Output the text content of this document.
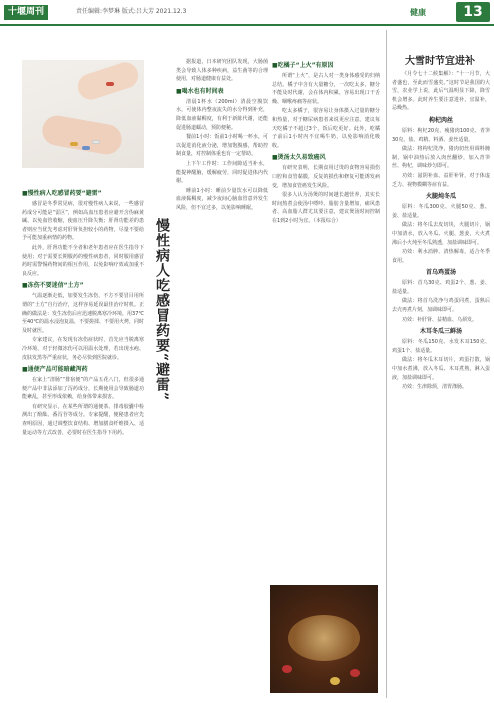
十堰周刊	责任编辑:李梦琳 版式:吕大芳 2021.12.3	健康	13
慢性病人吃感冒药要“避雷”
■慢性病人吃感冒药要“避雷”

感冒是冬季常见病，很对慢性病人来说，一些感冒药成分可能是“雷区”，例如高血压患者应避开含伪麻黄碱、以免血管收缩，使血压升降失衡；肝肾功能差的患者则应当优先考虑对肝肾负担较小的药物，尽量不要给予可能加重病情的药物。

此外，肝肾功能不全者和老年患者应在医生指导下使用；对于需要长期服药的慢性病患者，同时服用感冒药时需警惕药物间的相互作用，以免影响疗效或加重不良反应。

■冻伤不要迷信“土方”

气温逐渐走低，加要发生冻伤，不方不要冒目用所谓的“土方”自行治疗，这样容易延误最佳治疗时机。正确的做法是：发生冻伤后应迅速脱离寒冷环境，用37℃至40℃的温水浸泡复温，不要搓揉、不要用火烤，同时及时就医。

专家建议，在发现有冻伤症状时，首先应当脱离寒冷环境，对于轻微冻伤可以用温水处理，若出现水疱、皮肤发黑等严重症状，务必尽快到医院就诊。

■通便产品可能暗藏泻药

在家上“清肠”“排宿便”的产品五花八门，但很多通便产品中非法添加了泻药成分，长期使用会导致肠道功能紊乱，甚至形成依赖，给身体带来损害。

有研究显示，在某些所谓的通便茶、排毒胶囊中检测出了酚酞、番泻苷等成分。专家提醒，便秘患者应先查明原因，通过调整饮食结构、增加膳食纤维摄入、适量运动等方式改善，必要时在医生指导下用药。

据报道，日本研究团队发现，大肠菌类会导致人体多种疾病，益生菌等的合理使用，对肠道健康有益处。

■喝水也有时间表

清晨1杯水（200ml）清晨空腹饮水，可使体内整夜流失的水分得到补充，降低血液黏稠度，有利于新陈代谢，还能促进肠道蠕动，预防便秘。

餐前1小时：饭前1小时喝一杯水，可以促进消化液分泌，增加饱腹感，帮助控制食量，对控制体重也有一定帮助。

上下午工作时：工作间隙适当补水，能提神醒脑，缓解疲劳，同时促进体内代谢。

睡前1小时：睡前少量饮水可以降低血液黏稠度，减少夜间心脑血管意外发生风险，但不宜过多，以免影响睡眠。

■吃橘子“上火”有原因

所谓“上火”，是古人对一类身体感受的归纳总结。橘子中含有大量糖分，一次吃太多，糖分不能及时代谢，会在体内积累，容易出现口干舌燥、咽喉疼痛等症状。

吃太多橘子，很容易让身体摄入过量的糖分和热量，对于糖尿病患者来说更应注意。建议每天吃橘子不超过3个，饭后吃更好。此外，吃橘子前后1小时内不宜喝牛奶，以免影响消化吸收。

■烫汤太久易致癌风

有研究表明，长期食用过烫的食物容易损伤口腔和食管黏膜，反复的损伤和修复可能诱发病变，增加食管癌发生风险。

很多人认为汤煲的时间越长越营养，其实长时间熬煮会使汤中嘌呤、脂肪含量增加，痛风患者、高血脂人群尤其要注意，建议煲汤时间控制在1到2小时为宜。（本报综合）

大雪时节宜进补

《月令七十二候集解》：“十一月节，大者盛也，至此而雪盛矣。”这时节是我国的大雪，农业学上说，此后气温明显下降，降雪机会增多。此时养生要注意进补，宜温补，忌燥热。

枸杞肉丝

原料：枸杞20克、瘦猪肉100克、青笋30克、盐、鸡精、料酒、姜丝适量。

做法：将枸杞洗净，猪肉切丝用调料腌制，锅中油热后放入肉丝翻炒，加入青笋丝、枸杞，调味炒匀即可。

功效：滋阴补血、益肝补肾，对于体虚乏力、视物模糊等症有益。

火腿炖冬瓜

原料：冬瓜300克、火腿50克、葱、姜、盐适量。

做法：将冬瓜去皮切块，火腿切片，锅中加清水，放入冬瓜、火腿、葱姜，大火煮沸后小火炖至冬瓜熟透，加盐调味即可。

功效：利水消肿、清热解毒，适合冬季食用。

首乌鸡蛋汤

原料：首乌30克、鸡蛋2个、葱、姜、盐适量。

做法：将首乌洗净与鸡蛋同煮，蛋熟后去壳再煮片刻，加调味即可。

功效：补肝肾、益精血、乌须发。

木耳冬瓜三鲜汤

原料：冬瓜150克、水发木耳150克、鸡蛋1个、盐适量。

做法：将冬瓜木耳切片，鸡蛋打散，锅中加水煮沸，放入冬瓜、木耳煮熟，淋入蛋液，加盐调味即可。

功效：生津除烦，清胃涤肠。
